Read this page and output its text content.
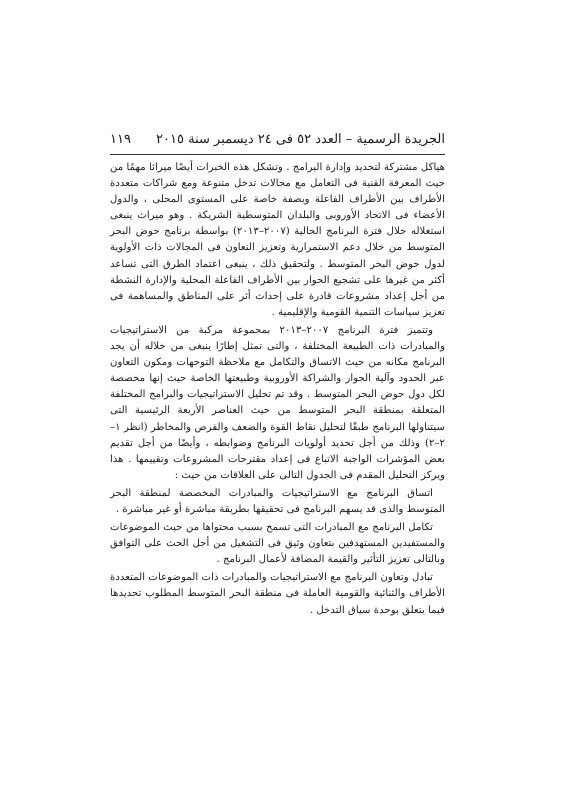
الجريدة الرسمية – العدد ٥٢ فى ٢٤ ديسمبر سنة ٢٠١٥
١١٩

هياكل مشتركة لتحديد وإدارة البرامج . وتشكل هذه الخبرات أيضًا ميراثا مهمًا من حيث المعرفة الفنية فى التعامل مع مجالات تدخل متنوعة ومع شراكات متعددة الأطراف بين الأطراف الفاعلة وبصفة خاصة على المستوى المحلى ، والدول الأعضاء فى الاتحاد الأوروبى والبلدان المتوسطية الشريكة . وهو ميراث ينبغى استغلاله خلال فترة البرنامج الحالية (٢٠٠٧–٢٠١٣) بواسطة برنامج حوض البحر المتوسط من خلال دعم الاستمرارية وتعزيز التعاون فى المجالات ذات الأولوية لدول حوض البحر المتوسط . ولتحقيق ذلك ، ينبغى اعتماد الطرق التى تساعد أكثر من غيرها على تشجيع الحوار بين الأطراف الفاعلة المحلية والإدارة النشطة من أجل إعداد مشروعات قادرة على إحداث أثر على المناطق والمساهمة فى تعزيز سياسات التنمية القومية والإقليمية .

وتتميز فترة البرنامج ٢٠٠٧–٢٠١٣ بمجموعة مركبة من الاستراتيجيات والمبادرات ذات الطبيعة المختلفة ، والتى تمثل إطارًا ينبغى من خلاله أن يجد البرنامج مكانه من حيث الاتساق والتكامل مع ملاحظة التوجهات ومكون التعاون عبر الحدود وآلية الجوار والشراكة الأوروبية وطبيعتها الخاصة حيث إنها مخصصة لكل دول حوض البحر المتوسط . وقد تم تحليل الاستراتيجيات والبرامج المختلفة المتعلقة بمنطقة البحر المتوسط من حيث العناصر الأربعة الرئيسية التى سيتناولها البرنامج طبقًا لتحليل نقاط القوة والضعف والفرص والمخاطر (انظر ١–٢–٢) وذلك من أجل تحديد أولويات البرنامج وضوابطه ، وأيضًا من أجل تقديم بعض المؤشرات الواجبة الاتباع فى إعداد مقترحات المشروعات وتقييمها . هذا ويركز التحليل المقدم فى الجدول التالى على العلاقات من حيث :

اتساق البرنامج مع الاستراتيجيات والمبادرات المخصصة لمنطقة البحر المتوسط والذى قد يسهم البرنامج فى تحقيقها بطريقة مباشرة أو غير مباشرة .

تكامل البرنامج مع المبادرات التى تسمح بسبب محتواها من حيث الموضوعات والمستفيدين المستهدفين بتعاون وثيق فى التشغيل من أجل الحث على التوافق وبالتالى تعزيز التأثير والقيمة المضافة لأعمال البرنامج .

تبادل وتعاون البرنامج مع الاستراتيجيات والمبادرات ذات الموضوعات المتعددة الأطراف والثنائية والقومية العاملة فى منطقة البحر المتوسط المطلوب تحديدها فيما يتعلق بوحدة سياق التدخل .
